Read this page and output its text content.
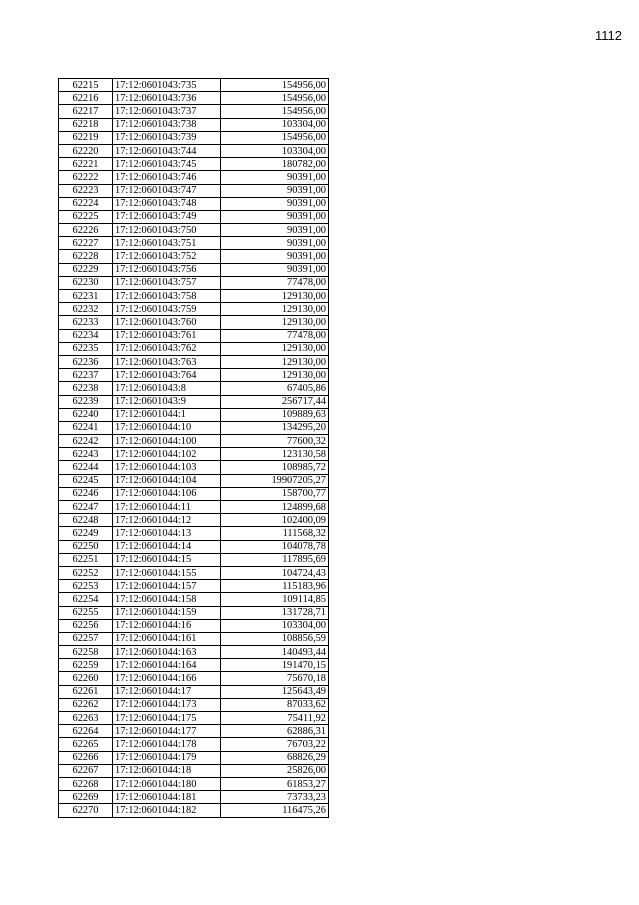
1112
62215	17:12:0601043:735	154956,00
62216	17:12:0601043:736	154956,00
62217	17:12:0601043:737	154956,00
62218	17:12:0601043:738	103304,00
62219	17:12:0601043:739	154956,00
62220	17:12:0601043:744	103304,00
62221	17:12:0601043:745	180782,00
62222	17:12:0601043:746	90391,00
62223	17:12:0601043:747	90391,00
62224	17:12:0601043:748	90391,00
62225	17:12:0601043:749	90391,00
62226	17:12:0601043:750	90391,00
62227	17:12:0601043:751	90391,00
62228	17:12:0601043:752	90391,00
62229	17:12:0601043:756	90391,00
62230	17:12:0601043:757	77478,00
62231	17:12:0601043:758	129130,00
62232	17:12:0601043:759	129130,00
62233	17:12:0601043:760	129130,00
62234	17:12:0601043:761	77478,00
62235	17:12:0601043:762	129130,00
62236	17:12:0601043:763	129130,00
62237	17:12:0601043:764	129130,00
62238	17:12:0601043:8	67405,86
62239	17:12:0601043:9	256717,44
62240	17:12:0601044:1	109889,63
62241	17:12:0601044:10	134295,20
62242	17:12:0601044:100	77600,32
62243	17:12:0601044:102	123130,58
62244	17:12:0601044:103	108985,72
62245	17:12:0601044:104	19907205,27
62246	17:12:0601044:106	158700,77
62247	17:12:0601044:11	124899,68
62248	17:12:0601044:12	102400,09
62249	17:12:0601044:13	111568,32
62250	17:12:0601044:14	104078,78
62251	17:12:0601044:15	117895,69
62252	17:12:0601044:155	104724,43
62253	17:12:0601044:157	115183,96
62254	17:12:0601044:158	109114,85
62255	17:12:0601044:159	131728,71
62256	17:12:0601044:16	103304,00
62257	17:12:0601044:161	108856,59
62258	17:12:0601044:163	140493,44
62259	17:12:0601044:164	191470,15
62260	17:12:0601044:166	75670,18
62261	17:12:0601044:17	125643,49
62262	17:12:0601044:173	87033,62
62263	17:12:0601044:175	75411,92
62264	17:12:0601044:177	62886,31
62265	17:12:0601044:178	76703,22
62266	17:12:0601044:179	68826,29
62267	17:12:0601044:18	25826,00
62268	17:12:0601044:180	61853,27
62269	17:12:0601044:181	73733,23
62270	17:12:0601044:182	116475,26
